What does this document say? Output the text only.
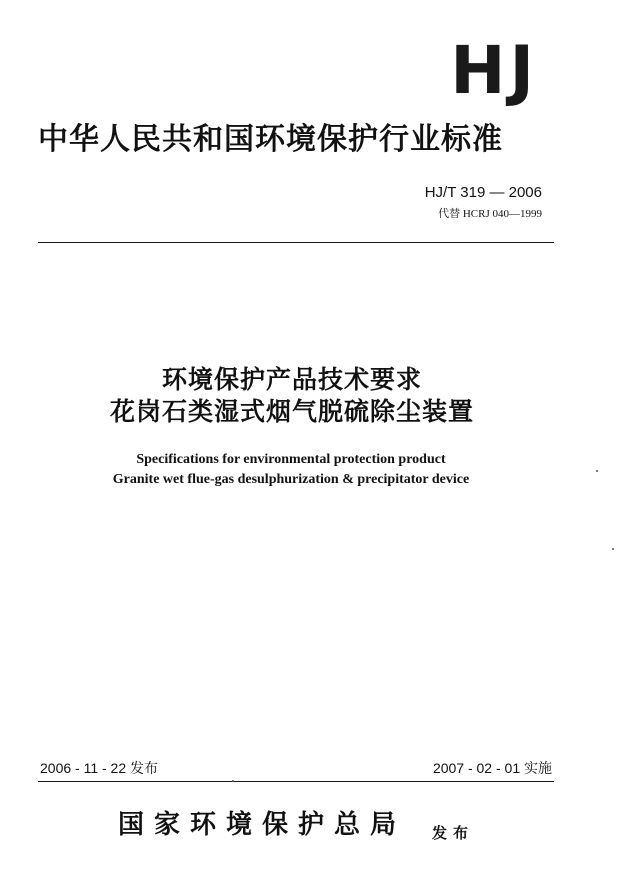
HJ
中华人民共和国环境保护行业标准
HJ/T 319 — 2006
代替 HCRJ 040—1999
环境保护产品技术要求
花岗石类湿式烟气脱硫除尘装置
Specifications for environmental protection product
Granite wet flue-gas desulphurization & precipitator device
2006 - 11 - 22 发布	2007 - 02 - 01 实施
国家环境保护总局 发布
